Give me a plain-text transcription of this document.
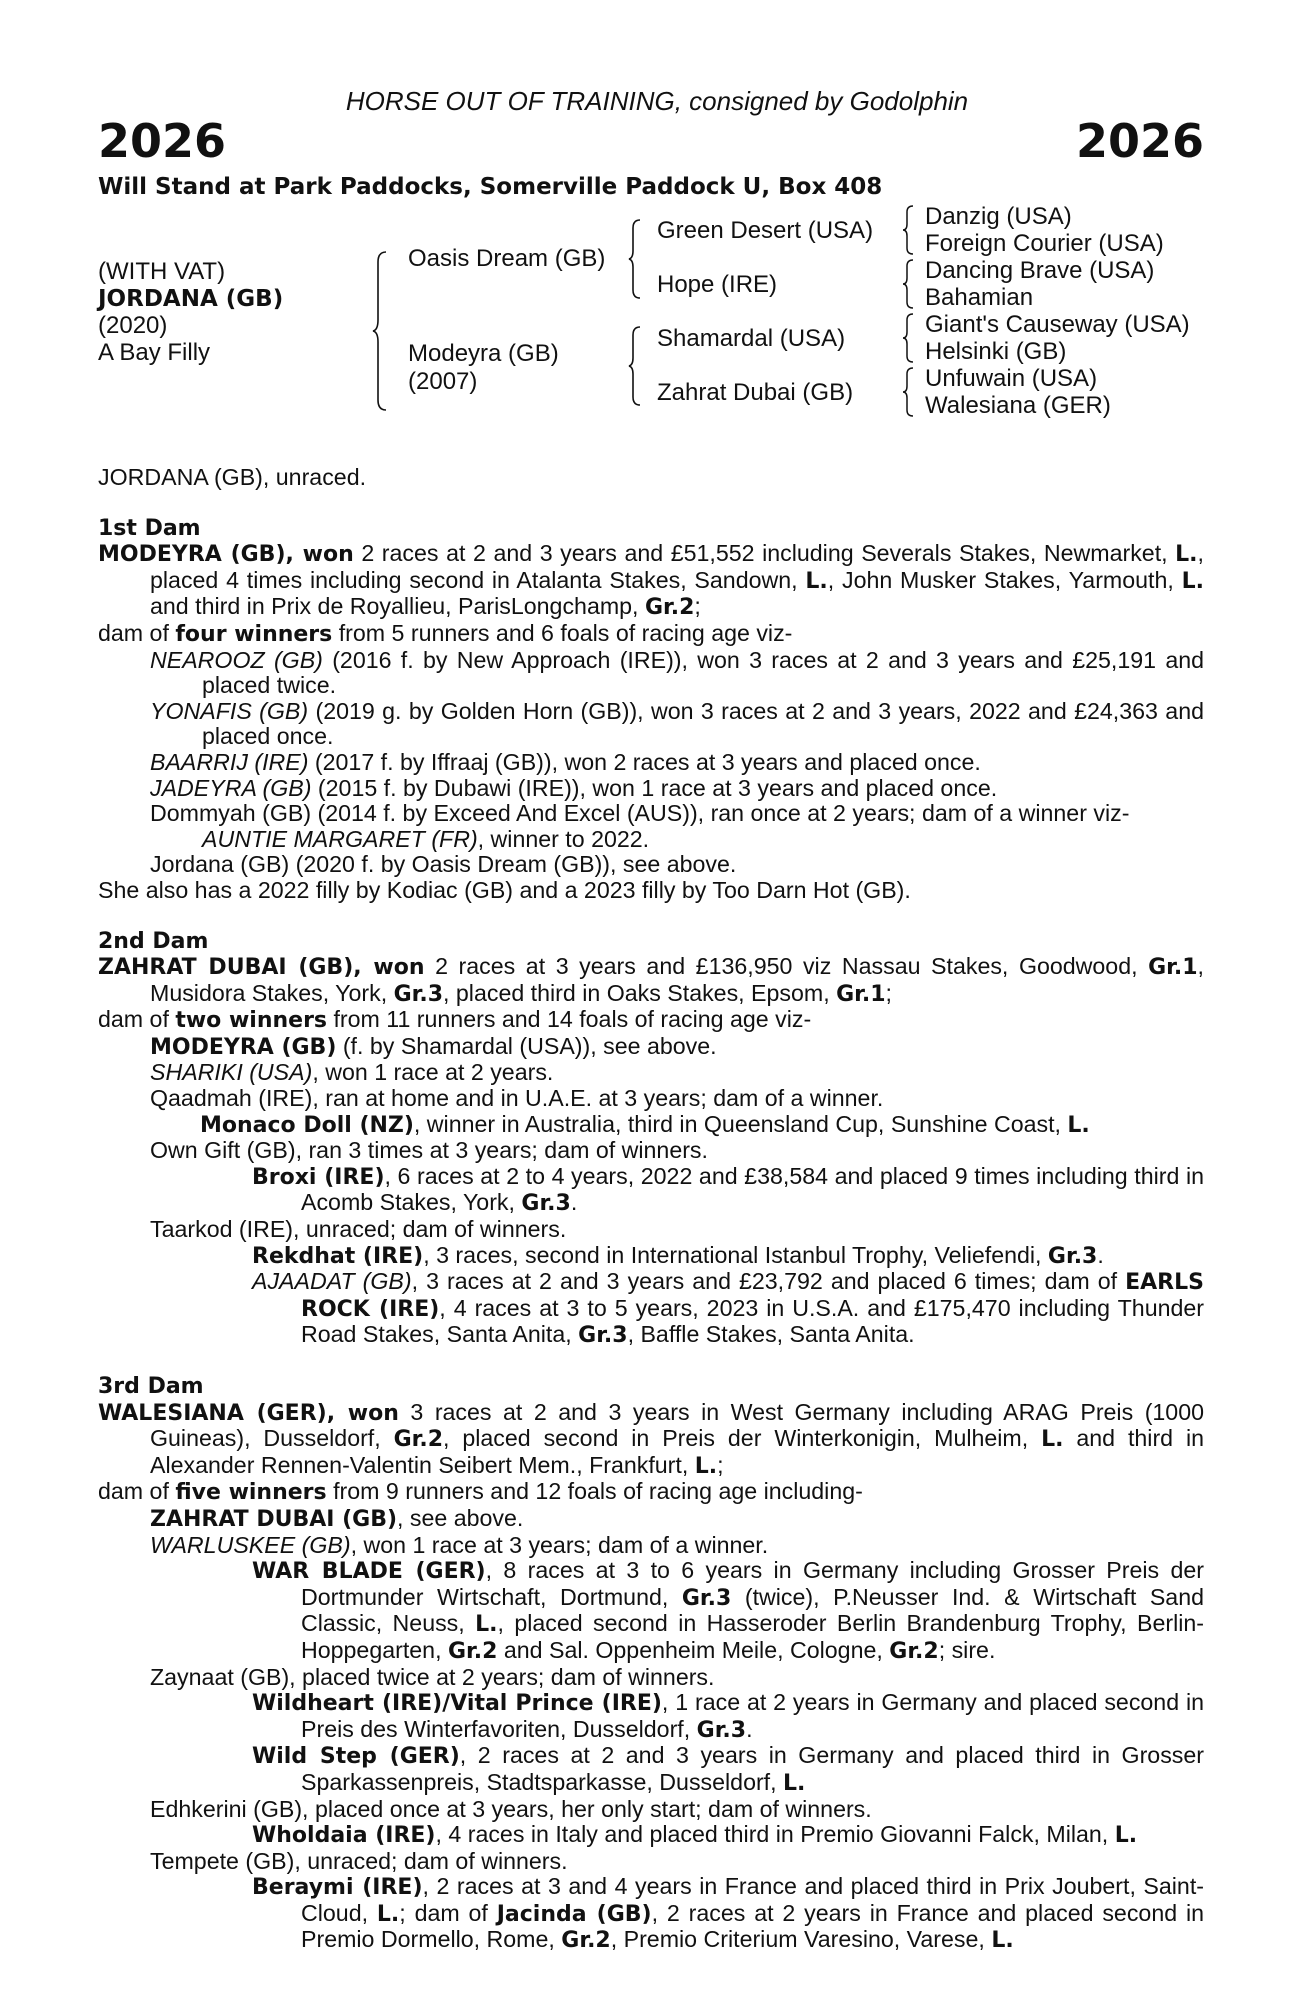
HORSE OUT OF TRAINING, consigned by Godolphin
2026	2026
Will Stand at Park Paddocks, Somerville Paddock U, Box 408
(WITH VAT)
JORDANA (GB)
(2020)
A Bay Filly
Oasis Dream (GB)
Modeyra (GB)
(2007)
Green Desert (USA)
Hope (IRE)
Shamardal (USA)
Zahrat Dubai (GB)
Danzig (USA)
Foreign Courier (USA)
Dancing Brave (USA)
Bahamian
Giant's Causeway (USA)
Helsinki (GB)
Unfuwain (USA)
Walesiana (GER)

JORDANA (GB), unraced.

1st Dam

MODEYRA (GB), won 2 races at 2 and 3 years and £51,552 including Severals Stakes, Newmarket, L., placed 4 times including second in Atalanta Stakes, Sandown, L., John Musker Stakes, Yarmouth, L. and third in Prix de Royallieu, ParisLongchamp, Gr.2;

dam of four winners from 5 runners and 6 foals of racing age viz-

NEAROOZ (GB) (2016 f. by New Approach (IRE)), won 3 races at 2 and 3 years and £25,191 and placed twice.

YONAFIS (GB) (2019 g. by Golden Horn (GB)), won 3 races at 2 and 3 years, 2022 and £24,363 and placed once.

BAARRIJ (IRE) (2017 f. by Iffraaj (GB)), won 2 races at 3 years and placed once.

JADEYRA (GB) (2015 f. by Dubawi (IRE)), won 1 race at 3 years and placed once.

Dommyah (GB) (2014 f. by Exceed And Excel (AUS)), ran once at 2 years; dam of a winner viz-

AUNTIE MARGARET (FR), winner to 2022.

Jordana (GB) (2020 f. by Oasis Dream (GB)), see above.

She also has a 2022 filly by Kodiac (GB) and a 2023 filly by Too Darn Hot (GB).

2nd Dam

ZAHRAT DUBAI (GB), won 2 races at 3 years and £136,950 viz Nassau Stakes, Goodwood, Gr.1, Musidora Stakes, York, Gr.3, placed third in Oaks Stakes, Epsom, Gr.1;

dam of two winners from 11 runners and 14 foals of racing age viz-

MODEYRA (GB) (f. by Shamardal (USA)), see above.

SHARIKI (USA), won 1 race at 2 years.

Qaadmah (IRE), ran at home and in U.A.E. at 3 years; dam of a winner.

Monaco Doll (NZ), winner in Australia, third in Queensland Cup, Sunshine Coast, L.

Own Gift (GB), ran 3 times at 3 years; dam of winners.

Broxi (IRE), 6 races at 2 to 4 years, 2022 and £38,584 and placed 9 times including third in Acomb Stakes, York, Gr.3.

Taarkod (IRE), unraced; dam of winners.

Rekdhat (IRE), 3 races, second in International Istanbul Trophy, Veliefendi, Gr.3.

AJAADAT (GB), 3 races at 2 and 3 years and £23,792 and placed 6 times; dam of EARLS ROCK (IRE), 4 races at 3 to 5 years, 2023 in U.S.A. and £175,470 including Thunder Road Stakes, Santa Anita, Gr.3, Baffle Stakes, Santa Anita.

3rd Dam

WALESIANA (GER), won 3 races at 2 and 3 years in West Germany including ARAG Preis (1000 Guineas), Dusseldorf, Gr.2, placed second in Preis der Winterkonigin, Mulheim, L. and third in Alexander Rennen-Valentin Seibert Mem., Frankfurt, L.;

dam of five winners from 9 runners and 12 foals of racing age including-

ZAHRAT DUBAI (GB), see above.

WARLUSKEE (GB), won 1 race at 3 years; dam of a winner.

WAR BLADE (GER), 8 races at 3 to 6 years in Germany including Grosser Preis der Dortmunder Wirtschaft, Dortmund, Gr.3 (twice), P.Neusser Ind. & Wirtschaft Sand Classic, Neuss, L., placed second in Hasseroder Berlin Brandenburg Trophy, Berlin-Hoppegarten, Gr.2 and Sal. Oppenheim Meile, Cologne, Gr.2; sire.

Zaynaat (GB), placed twice at 2 years; dam of winners.

Wildheart (IRE)/Vital Prince (IRE), 1 race at 2 years in Germany and placed second in Preis des Winterfavoriten, Dusseldorf, Gr.3.

Wild Step (GER), 2 races at 2 and 3 years in Germany and placed third in Grosser Sparkassenpreis, Stadtsparkasse, Dusseldorf, L.

Edhkerini (GB), placed once at 3 years, her only start; dam of winners.

Wholdaia (IRE), 4 races in Italy and placed third in Premio Giovanni Falck, Milan, L.

Tempete (GB), unraced; dam of winners.

Beraymi (IRE), 2 races at 3 and 4 years in France and placed third in Prix Joubert, Saint-Cloud, L.; dam of Jacinda (GB), 2 races at 2 years in France and placed second in Premio Dormello, Rome, Gr.2, Premio Criterium Varesino, Varese, L.
